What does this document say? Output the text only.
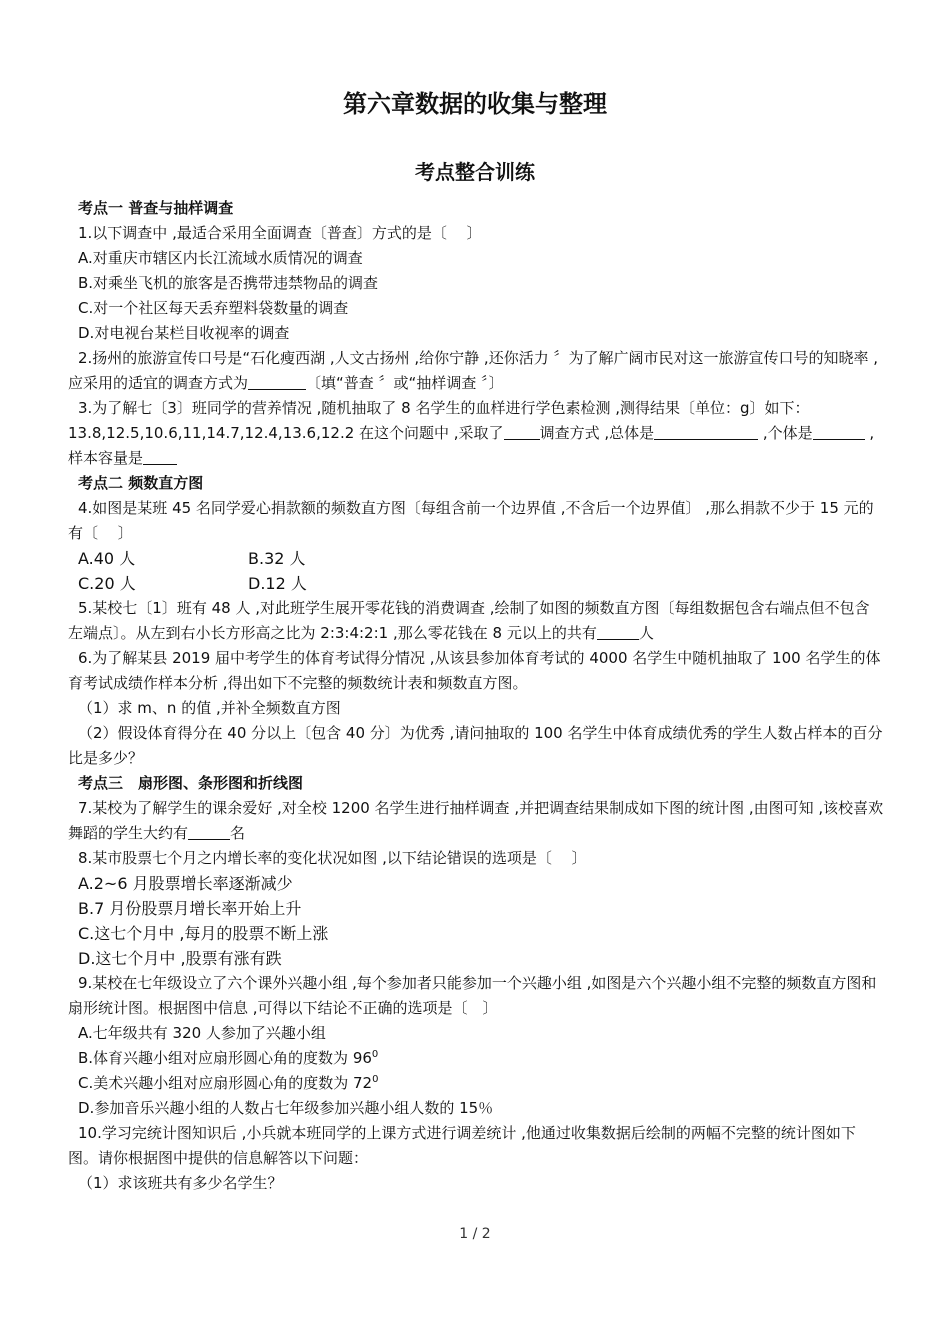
第六章数据的收集与整理
考点整合训练
考点一 普查与抽样调查
1.以下调查中 ,最适合采用全面调查〔普查〕方式的是〔　 〕
A.对重庆市辖区内长江流域水质情况的调查
B.对乘坐飞机的旅客是否携带违禁物品的调查
C.对一个社区每天丢弃塑料袋数量的调查
D.对电视台某栏目收视率的调查
2.扬州的旅游宣传口号是“石化瘦西湖 ,人文古扬州 ,给你宁静 ,还你活力 〞为了解广阔市民对这一旅游宣传口号的知晓率 ,应采用的适宜的调查方式为	〔填“普查 〞或“抽样调查 〞〕
3.为了解七〔3〕班同学的营养情况 ,随机抽取了 8 名学生的血样进行学色素检测 ,测得结果〔单位：g〕如下：13.8,12.5,10.6,11,14.7,12.4,13.6,12.2 在这个问题中 ,采取了 调查方式 ,总体是	,个体是	,样本容量是
考点二 频数直方图
4.如图是某班 45 名同学爱心捐款额的频数直方图〔每组含前一个边界值 ,不含后一个边界值〕 ,那么捐款不少于 15 元的有〔　 〕
A.40 人	B.32 人
C.20 人	D.12 人
5.某校七〔1〕班有 48 人 ,对此班学生展开零花钱的消费调查 ,绘制了如图的频数直方图〔每组数据包含右端点但不包含左端点〕。从左到右小长方形高之比为 2:3:4:2:1 ,那么零花钱在 8 元以上的共有	人
6.为了解某县 2019 届中考学生的体育考试得分情况 ,从该县参加体育考试的 4000 名学生中随机抽取了 100 名学生的体育考试成绩作样本分析 ,得出如下不完整的频数统计表和频数直方图。
（1）求 m、n 的值 ,并补全频数直方图
（2）假设体育得分在 40 分以上〔包含 40 分〕为优秀 ,请问抽取的 100 名学生中体育成绩优秀的学生人数占样本的百分比是多少？
考点三　扇形图、条形图和折线图
7.某校为了解学生的课余爱好 ,对全校 1200 名学生进行抽样调查 ,并把调查结果制成如下图的统计图 ,由图可知 ,该校喜欢舞蹈的学生大约有	名
8.某市股票七个月之内增长率的变化状况如图 ,以下结论错误的选项是〔　 〕
A.2~6 月股票增长率逐渐减少
B.7 月份股票月增长率开始上升
C.这七个月中 ,每月的股票不断上涨
D.这七个月中 ,股票有涨有跌
9.某校在七年级设立了六个课外兴趣小组 ,每个参加者只能参加一个兴趣小组 ,如图是六个兴趣小组不完整的频数直方图和扇形统计图。根据图中信息 ,可得以下结论不正确的选项是〔　〕
A.七年级共有 320 人参加了兴趣小组
B.体育兴趣小组对应扇形圆心角的度数为 $96^0$
C.美术兴趣小组对应扇形圆心角的度数为 $72^0$
D.参加音乐兴趣小组的人数占七年级参加兴趣小组人数的 15％
10.学习完统计图知识后 ,小兵就本班同学的上课方式进行调差统计 ,他通过收集数据后绘制的两幅不完整的统计图如下图。请你根据图中提供的信息解答以下问题：
（1）求该班共有多少名学生？
1 / 2
